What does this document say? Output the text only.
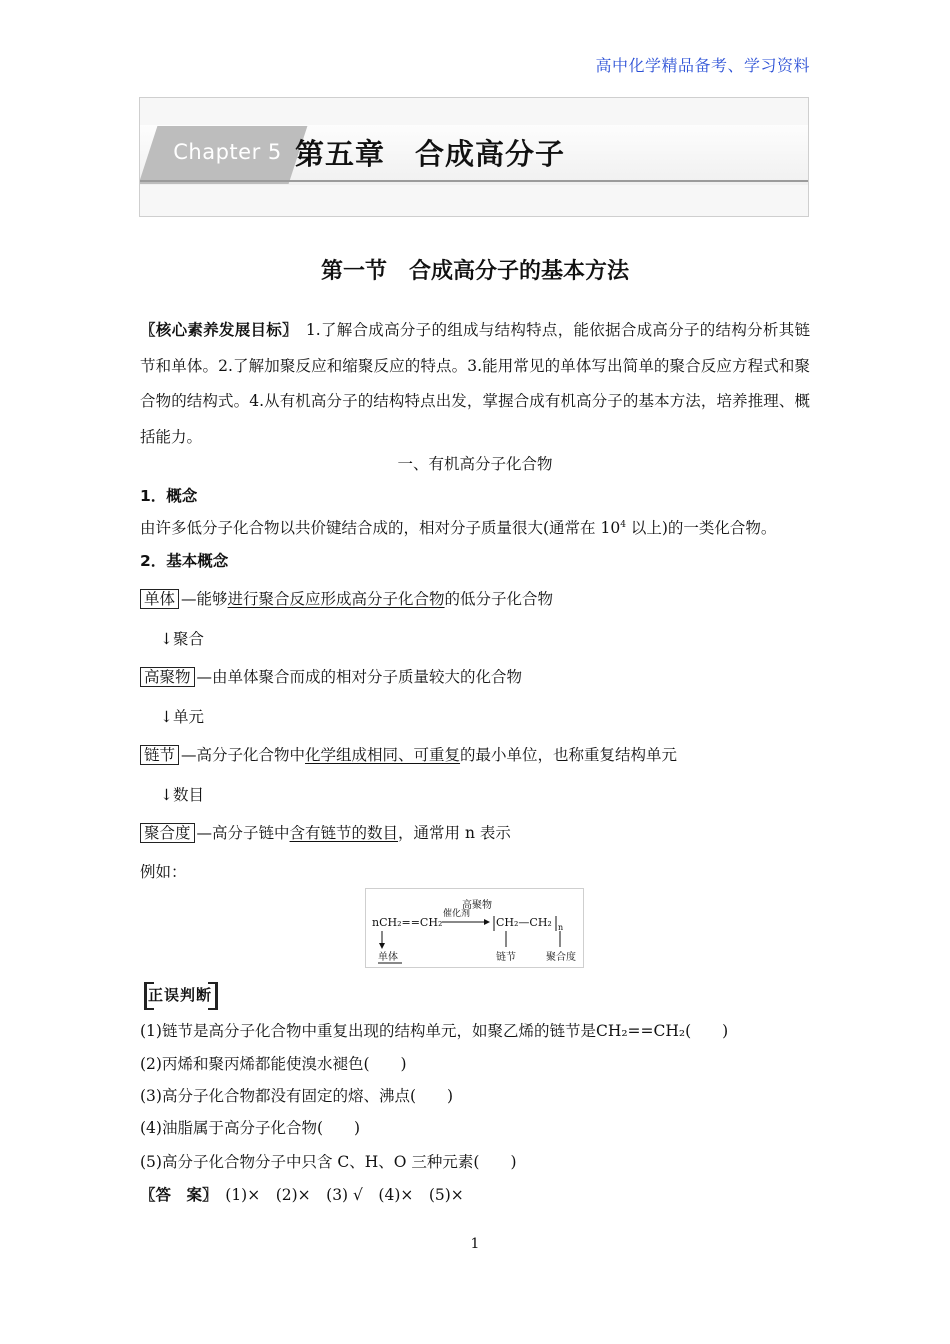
高中化学精品备考、学习资料
Chapter 5 第五章　合成高分子
第一节　合成高分子的基本方法
〖核心素养发展目标〗　1.了解合成高分子的组成与结构特点，能依据合成高分子的结构分析其链节和单体。2.了解加聚反应和缩聚反应的特点。3.能用常见的单体写出简单的聚合反应方程式和聚合物的结构式。4.从有机高分子的结构特点出发，掌握合成有机高分子的基本方法，培养推理、概括能力。
一、有机高分子化合物
1．概念
由许多低分子化合物以共价键结合成的，相对分子质量很大(通常在 $10^4$ 以上)的一类化合物。
2．基本概念
单体 —能够进行聚合反应形成高分子化合物的低分子化合物
↓聚合
高聚物 —由单体聚合而成的相对分子质量较大的化合物
↓单元
链节 —高分子化合物中化学组成相同、可重复的最小单位，也称重复结构单元
↓数目
聚合度 —高分子链中含有链节的数目，通常用 n 表示
例如：
高聚物
nCH₂==CH₂
催化剂
CH₂—CH₂ n
单体	链节	聚合度
正误判断
(1)链节是高分子化合物中重复出现的结构单元，如聚乙烯的链节是CH₂==CH₂(　　)
(2)丙烯和聚丙烯都能使溴水褪色(　　)
(3)高分子化合物都没有固定的熔、沸点(　　)
(4)油脂属于高分子化合物(　　)
(5)高分子化合物分子中只含 C、H、O 三种元素(　　)
〖答　案〗　(1)×　(2)×　(3) √　(4)×　(5)×
1
